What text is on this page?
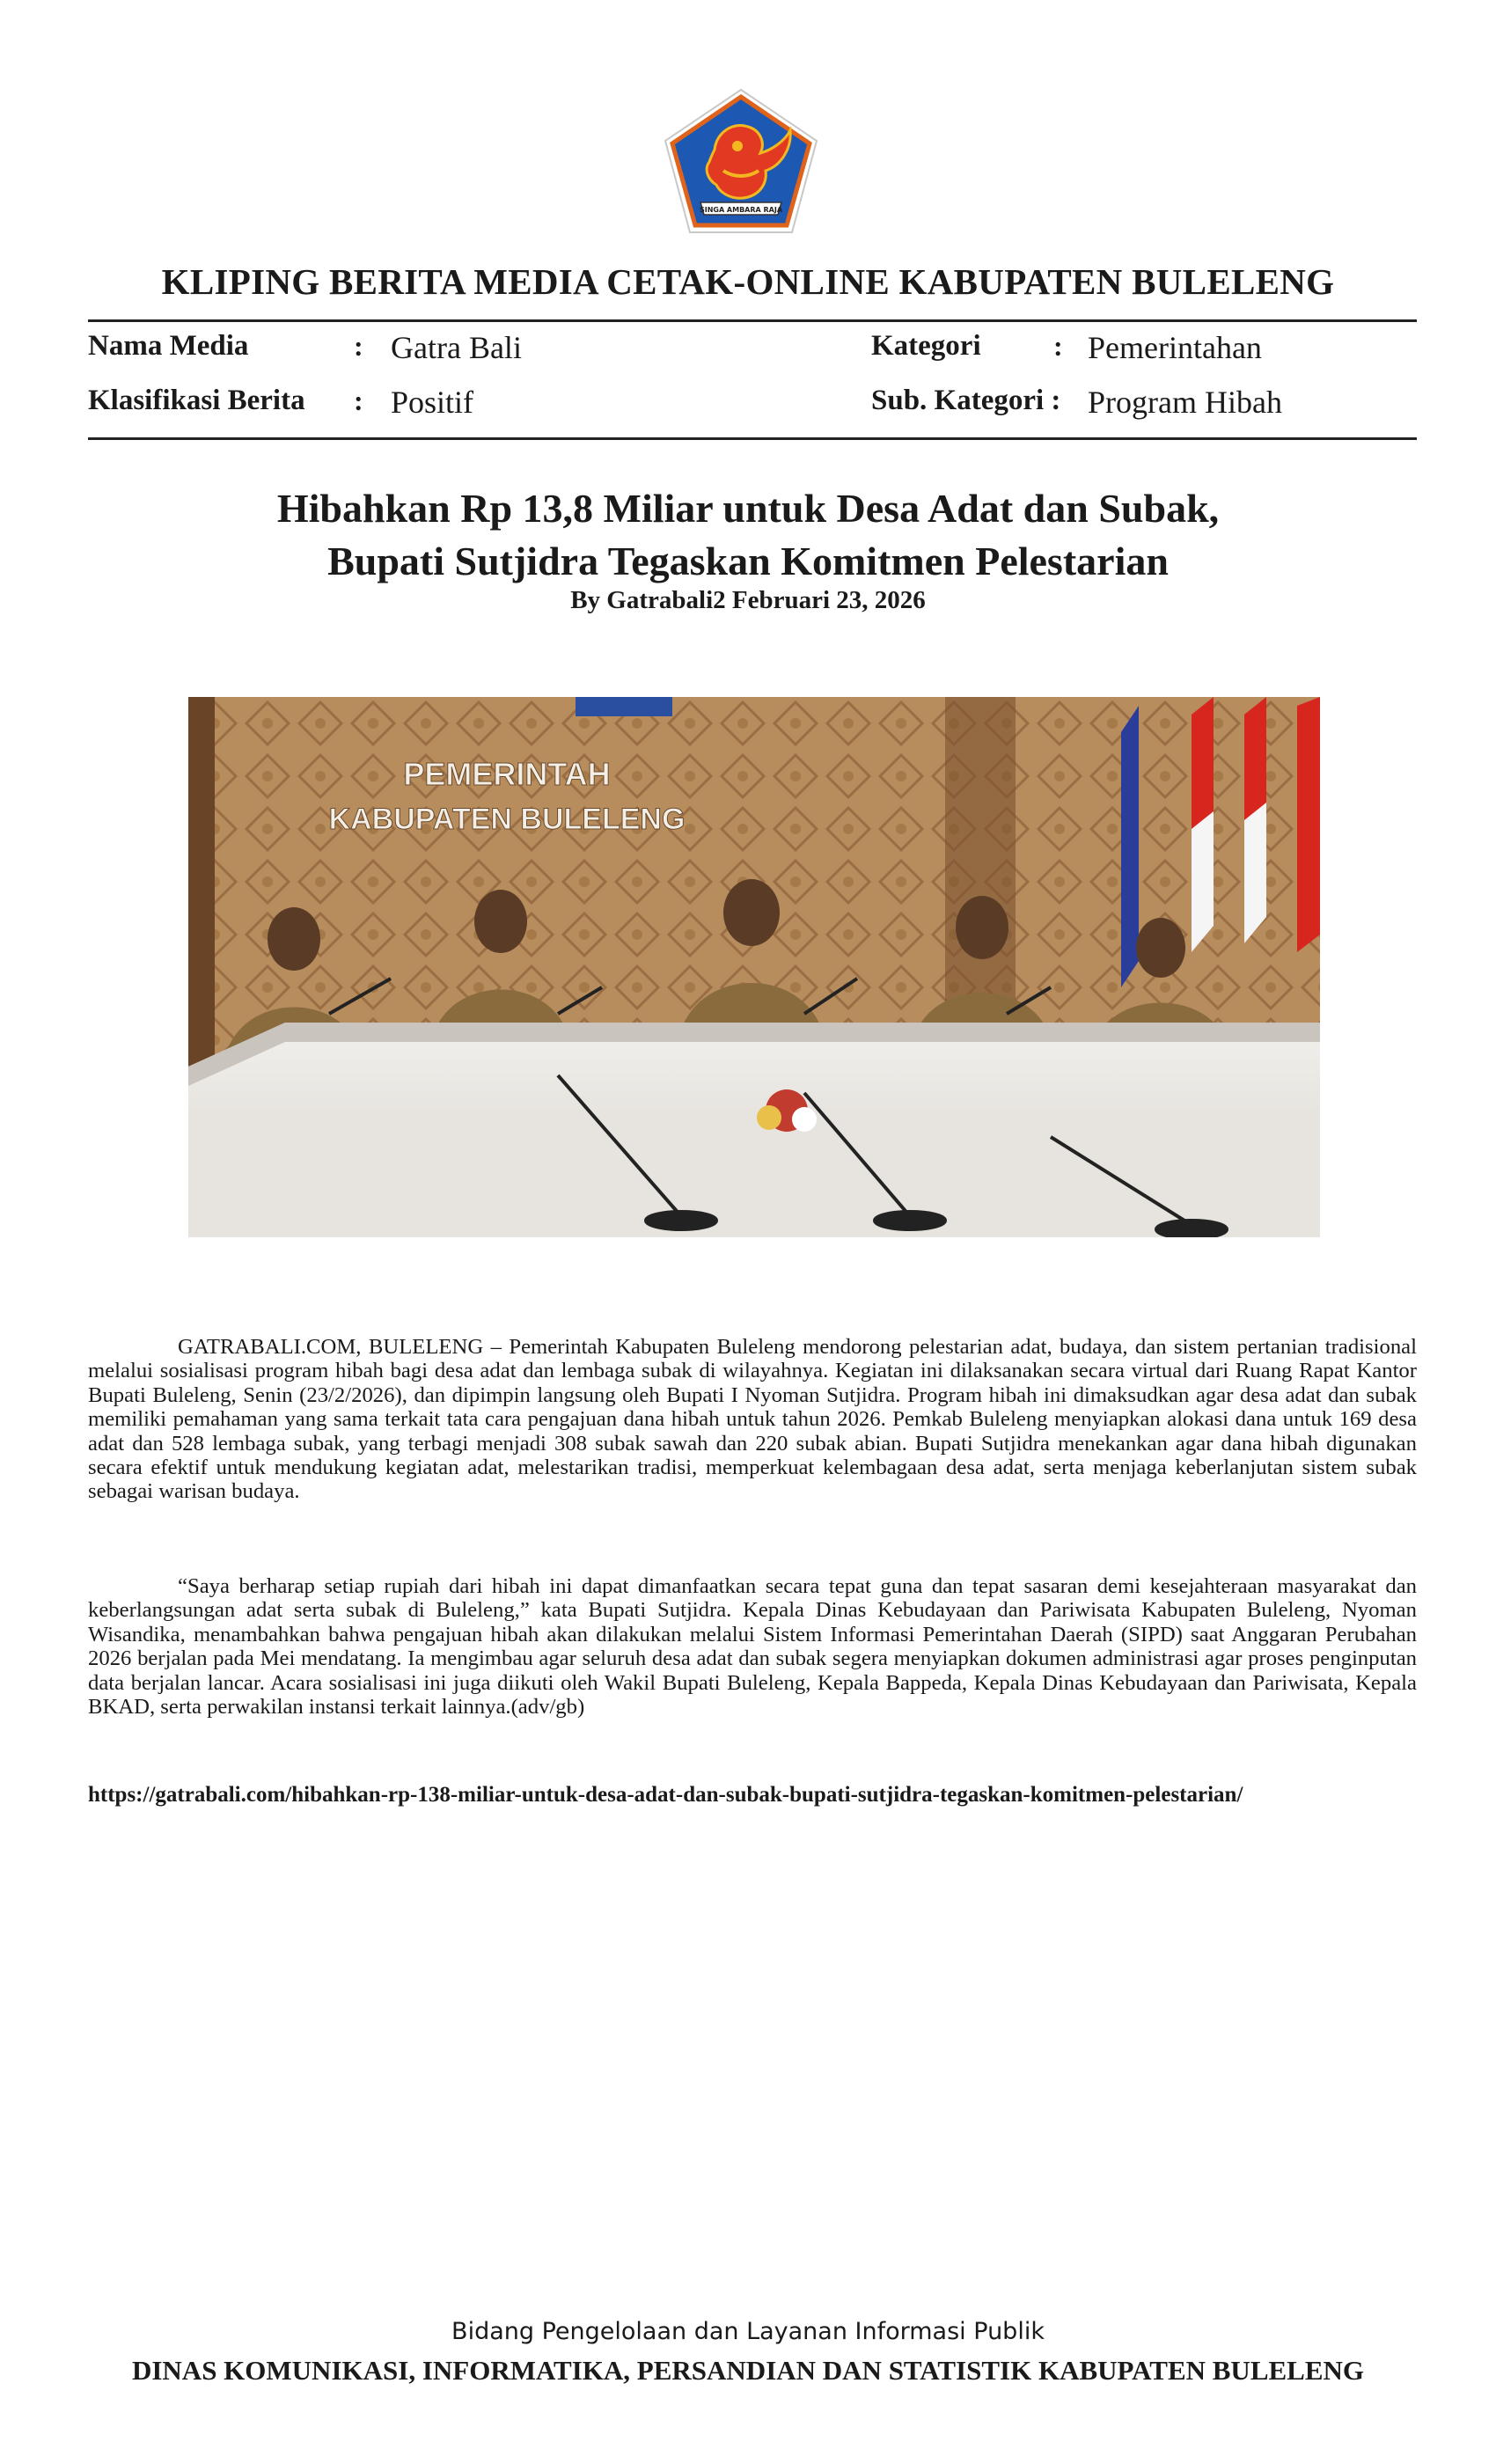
SINGA AMBARA RAJA
KLIPING BERITA MEDIA CETAK-ONLINE KABUPATEN BULELENG
Nama Media	: Gatra Bali
Klasifikasi Berita : Positif
Kategori	: Pemerintahan
Sub. Kategori : Program Hibah
Hibahkan Rp 13,8 Miliar untuk Desa Adat dan Subak,
Bupati Sutjidra Tegaskan Komitmen Pelestarian
By Gatrabali2 Februari 23, 2026
PEMERINTAH
KABUPATEN BULELENG

GATRABALI.COM, BULELENG – Pemerintah Kabupaten Buleleng mendorong pelestarian adat, budaya, dan sistem pertanian tradisional melalui sosialisasi program hibah bagi desa adat dan lembaga subak di wilayahnya. Kegiatan ini dilaksanakan secara virtual dari Ruang Rapat Kantor Bupati Buleleng, Senin (23/2/2026), dan dipimpin langsung oleh Bupati I Nyoman Sutjidra. Program hibah ini dimaksudkan agar desa adat dan subak memiliki pemahaman yang sama terkait tata cara pengajuan dana hibah untuk tahun 2026. Pemkab Buleleng menyiapkan alokasi dana untuk 169 desa adat dan 528 lembaga subak, yang terbagi menjadi 308 subak sawah dan 220 subak abian. Bupati Sutjidra menekankan agar dana hibah digunakan secara efektif untuk mendukung kegiatan adat, melestarikan tradisi, memperkuat kelembagaan desa adat, serta menjaga keberlanjutan sistem subak sebagai warisan budaya.

“Saya berharap setiap rupiah dari hibah ini dapat dimanfaatkan secara tepat guna dan tepat sasaran demi kesejahteraan masyarakat dan keberlangsungan adat serta subak di Buleleng,” kata Bupati Sutjidra. Kepala Dinas Kebudayaan dan Pariwisata Kabupaten Buleleng, Nyoman Wisandika, menambahkan bahwa pengajuan hibah akan dilakukan melalui Sistem Informasi Pemerintahan Daerah (SIPD) saat Anggaran Perubahan 2026 berjalan pada Mei mendatang. Ia mengimbau agar seluruh desa adat dan subak segera menyiapkan dokumen administrasi agar proses penginputan data berjalan lancar. Acara sosialisasi ini juga diikuti oleh Wakil Bupati Buleleng, Kepala Bappeda, Kepala Dinas Kebudayaan dan Pariwisata, Kepala BKAD, serta perwakilan instansi terkait lainnya.(adv/gb)

https://gatrabali.com/hibahkan-rp-138-miliar-untuk-desa-adat-dan-subak-bupati-sutjidra-tegaskan-komitmen-pelestarian/
Bidang Pengelolaan dan Layanan Informasi Publik
DINAS KOMUNIKASI, INFORMATIKA, PERSANDIAN DAN STATISTIK KABUPATEN BULELENG
